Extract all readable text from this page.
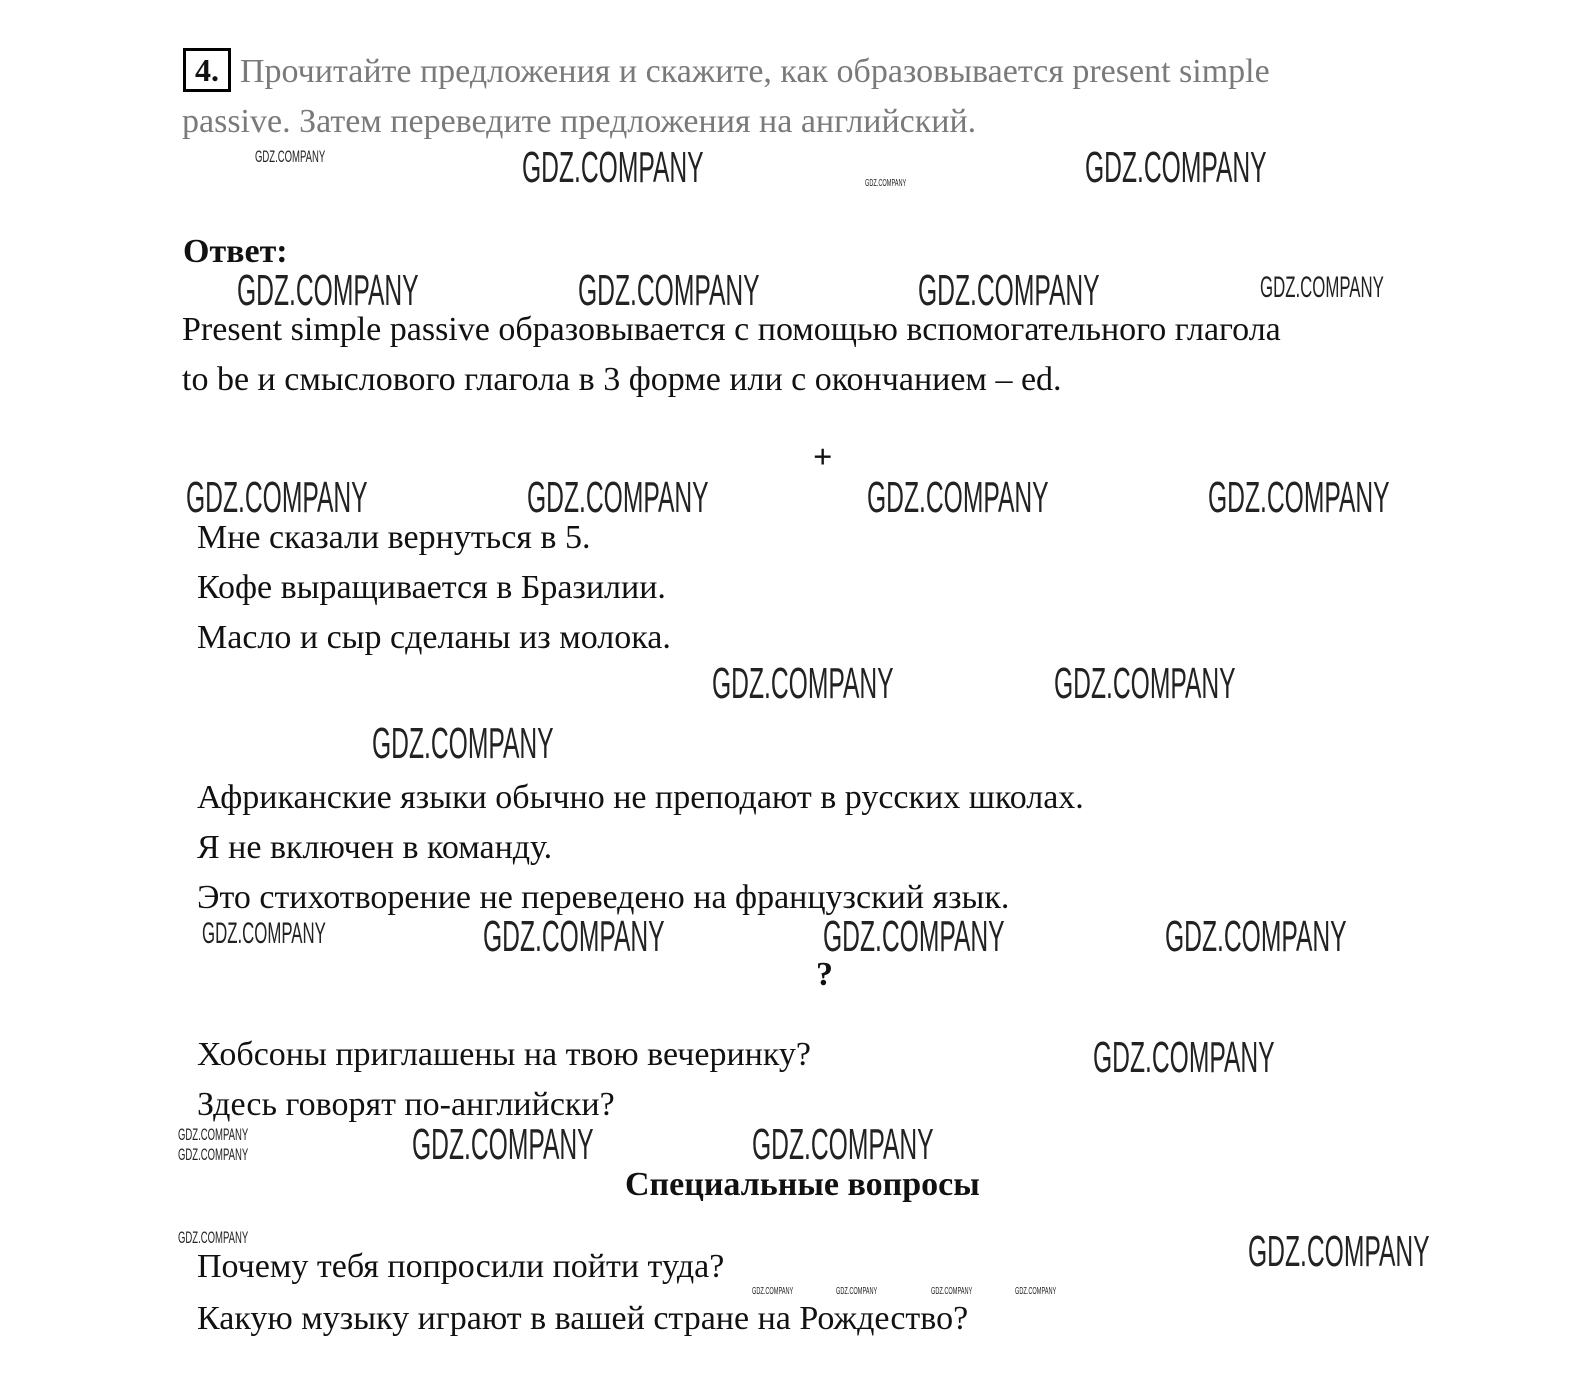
4. Прочитайте предложения и скажите, как образовывается present simple
passive. Затем переведите предложения на английский.
Ответ:
Present simple passive образовывается с помощью вспомогательного глагола
to be и смыслового глагола в 3 форме или с окончанием – ed.
+
Мне сказали вернуться в 5.
Кофе выращивается в Бразилии.
Масло и сыр сделаны из молока.
Африканские языки обычно не преподают в русских школах.
Я не включен в команду.
Это стихотворение не переведено на французский язык.
?
Хобсоны приглашены на твою вечеринку?
Здесь говорят по-английски?
Специальные вопросы
Почему тебя попросили пойти туда?
Какую музыку играют в вашей стране на Рождество?
GDZ.COMPANY	GDZ.COMPANY
GDZ.COMPANY	GDZ.COMPANY	GDZ.COMPANY
GDZ.COMPANY	GDZ.COMPANY	GDZ.COMPANY	GDZ.COMPANY
GDZ.COMPANY	GDZ.COMPANY
GDZ.COMPANY
GDZ.COMPANY	GDZ.COMPANY
GDZ.COMPANY
GDZ.COMPANY
GDZ.COMPANY	GDZ.COMPANY
GDZ.COMPANY
GDZ.COMPANY
GDZ.COMPANY
GDZ.COMPANY
GDZ.COMPANY
GDZ.COMPANY
GDZ.COMPANY
GDZ.COMPANY
GDZ.COMPANY	GDZ.COMPANY	GDZ.COMPANY	GDZ.COMPANY
